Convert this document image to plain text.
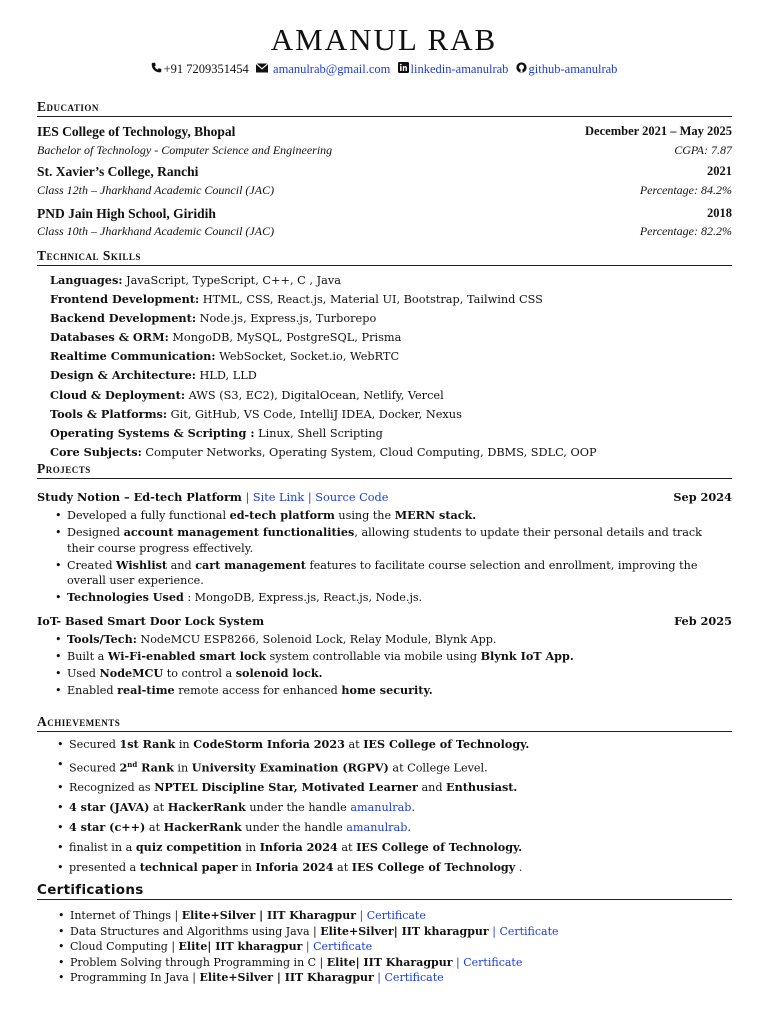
AMANUL RAB
+91 7209351454 amanulrab@gmail.com linkedin-amanulrab github-amanulrab
Education
IES College of Technology, Bhopal	December 2021 – May 2025
Bachelor of Technology - Computer Science and Engineering	CGPA: 7.87
St. Xavier’s College, Ranchi	2021
Class 12th – Jharkhand Academic Council (JAC)	Percentage: 84.2%
PND Jain High School, Giridih	2018
Class 10th – Jharkhand Academic Council (JAC)	Percentage: 82.2%
Technical Skills
Languages: JavaScript, TypeScript, C++, C , Java
Frontend Development: HTML, CSS, React.js, Material UI, Bootstrap, Tailwind CSS
Backend Development: Node.js, Express.js, Turborepo
Databases & ORM: MongoDB, MySQL, PostgreSQL, Prisma
Realtime Communication: WebSocket, Socket.io, WebRTC
Design & Architecture: HLD, LLD
Cloud & Deployment: AWS (S3, EC2), DigitalOcean, Netlify, Vercel
Tools & Platforms: Git, GitHub, VS Code, IntelliJ IDEA, Docker, Nexus
Operating Systems & Scripting : Linux, Shell Scripting
Core Subjects: Computer Networks, Operating System, Cloud Computing, DBMS, SDLC, OOP
Projects
Study Notion – Ed-tech Platform | Site Link | Source Code	Sep 2024
• Developed a fully functional ed-tech platform using the MERN stack.
• Designed account management functionalities, allowing students to update their personal details and track their course progress effectively.
• Created Wishlist and cart management features to facilitate course selection and enrollment, improving the overall user experience.
• Technologies Used : MongoDB, Express.js, React.js, Node.js.
IoT- Based Smart Door Lock System	Feb 2025
• Tools/Tech: NodeMCU ESP8266, Solenoid Lock, Relay Module, Blynk App.
• Built a Wi-Fi-enabled smart lock system controllable via mobile using Blynk IoT App.
• Used NodeMCU to control a solenoid lock.
• Enabled real-time remote access for enhanced home security.
Achievements
• Secured 1st Rank in CodeStorm Inforia 2023 at IES College of Technology.
• Secured 2nd Rank in University Examination (RGPV) at College Level.
• Recognized as NPTEL Discipline Star, Motivated Learner and Enthusiast.
• 4 star (JAVA) at HackerRank under the handle amanulrab.
• 4 star (c++) at HackerRank under the handle amanulrab.
• finalist in a quiz competition in Inforia 2024 at IES College of Technology.
• presented a technical paper in Inforia 2024 at IES College of Technology .
Certifications
• Internet of Things | Elite+Silver | IIT Kharagpur | Certificate
• Data Structures and Algorithms using Java | Elite+Silver| IIT kharagpur | Certificate
• Cloud Computing | Elite| IIT kharagpur | Certificate
• Problem Solving through Programming in C | Elite| IIT Kharagpur | Certificate
• Programming In Java | Elite+Silver | IIT Kharagpur | Certificate
